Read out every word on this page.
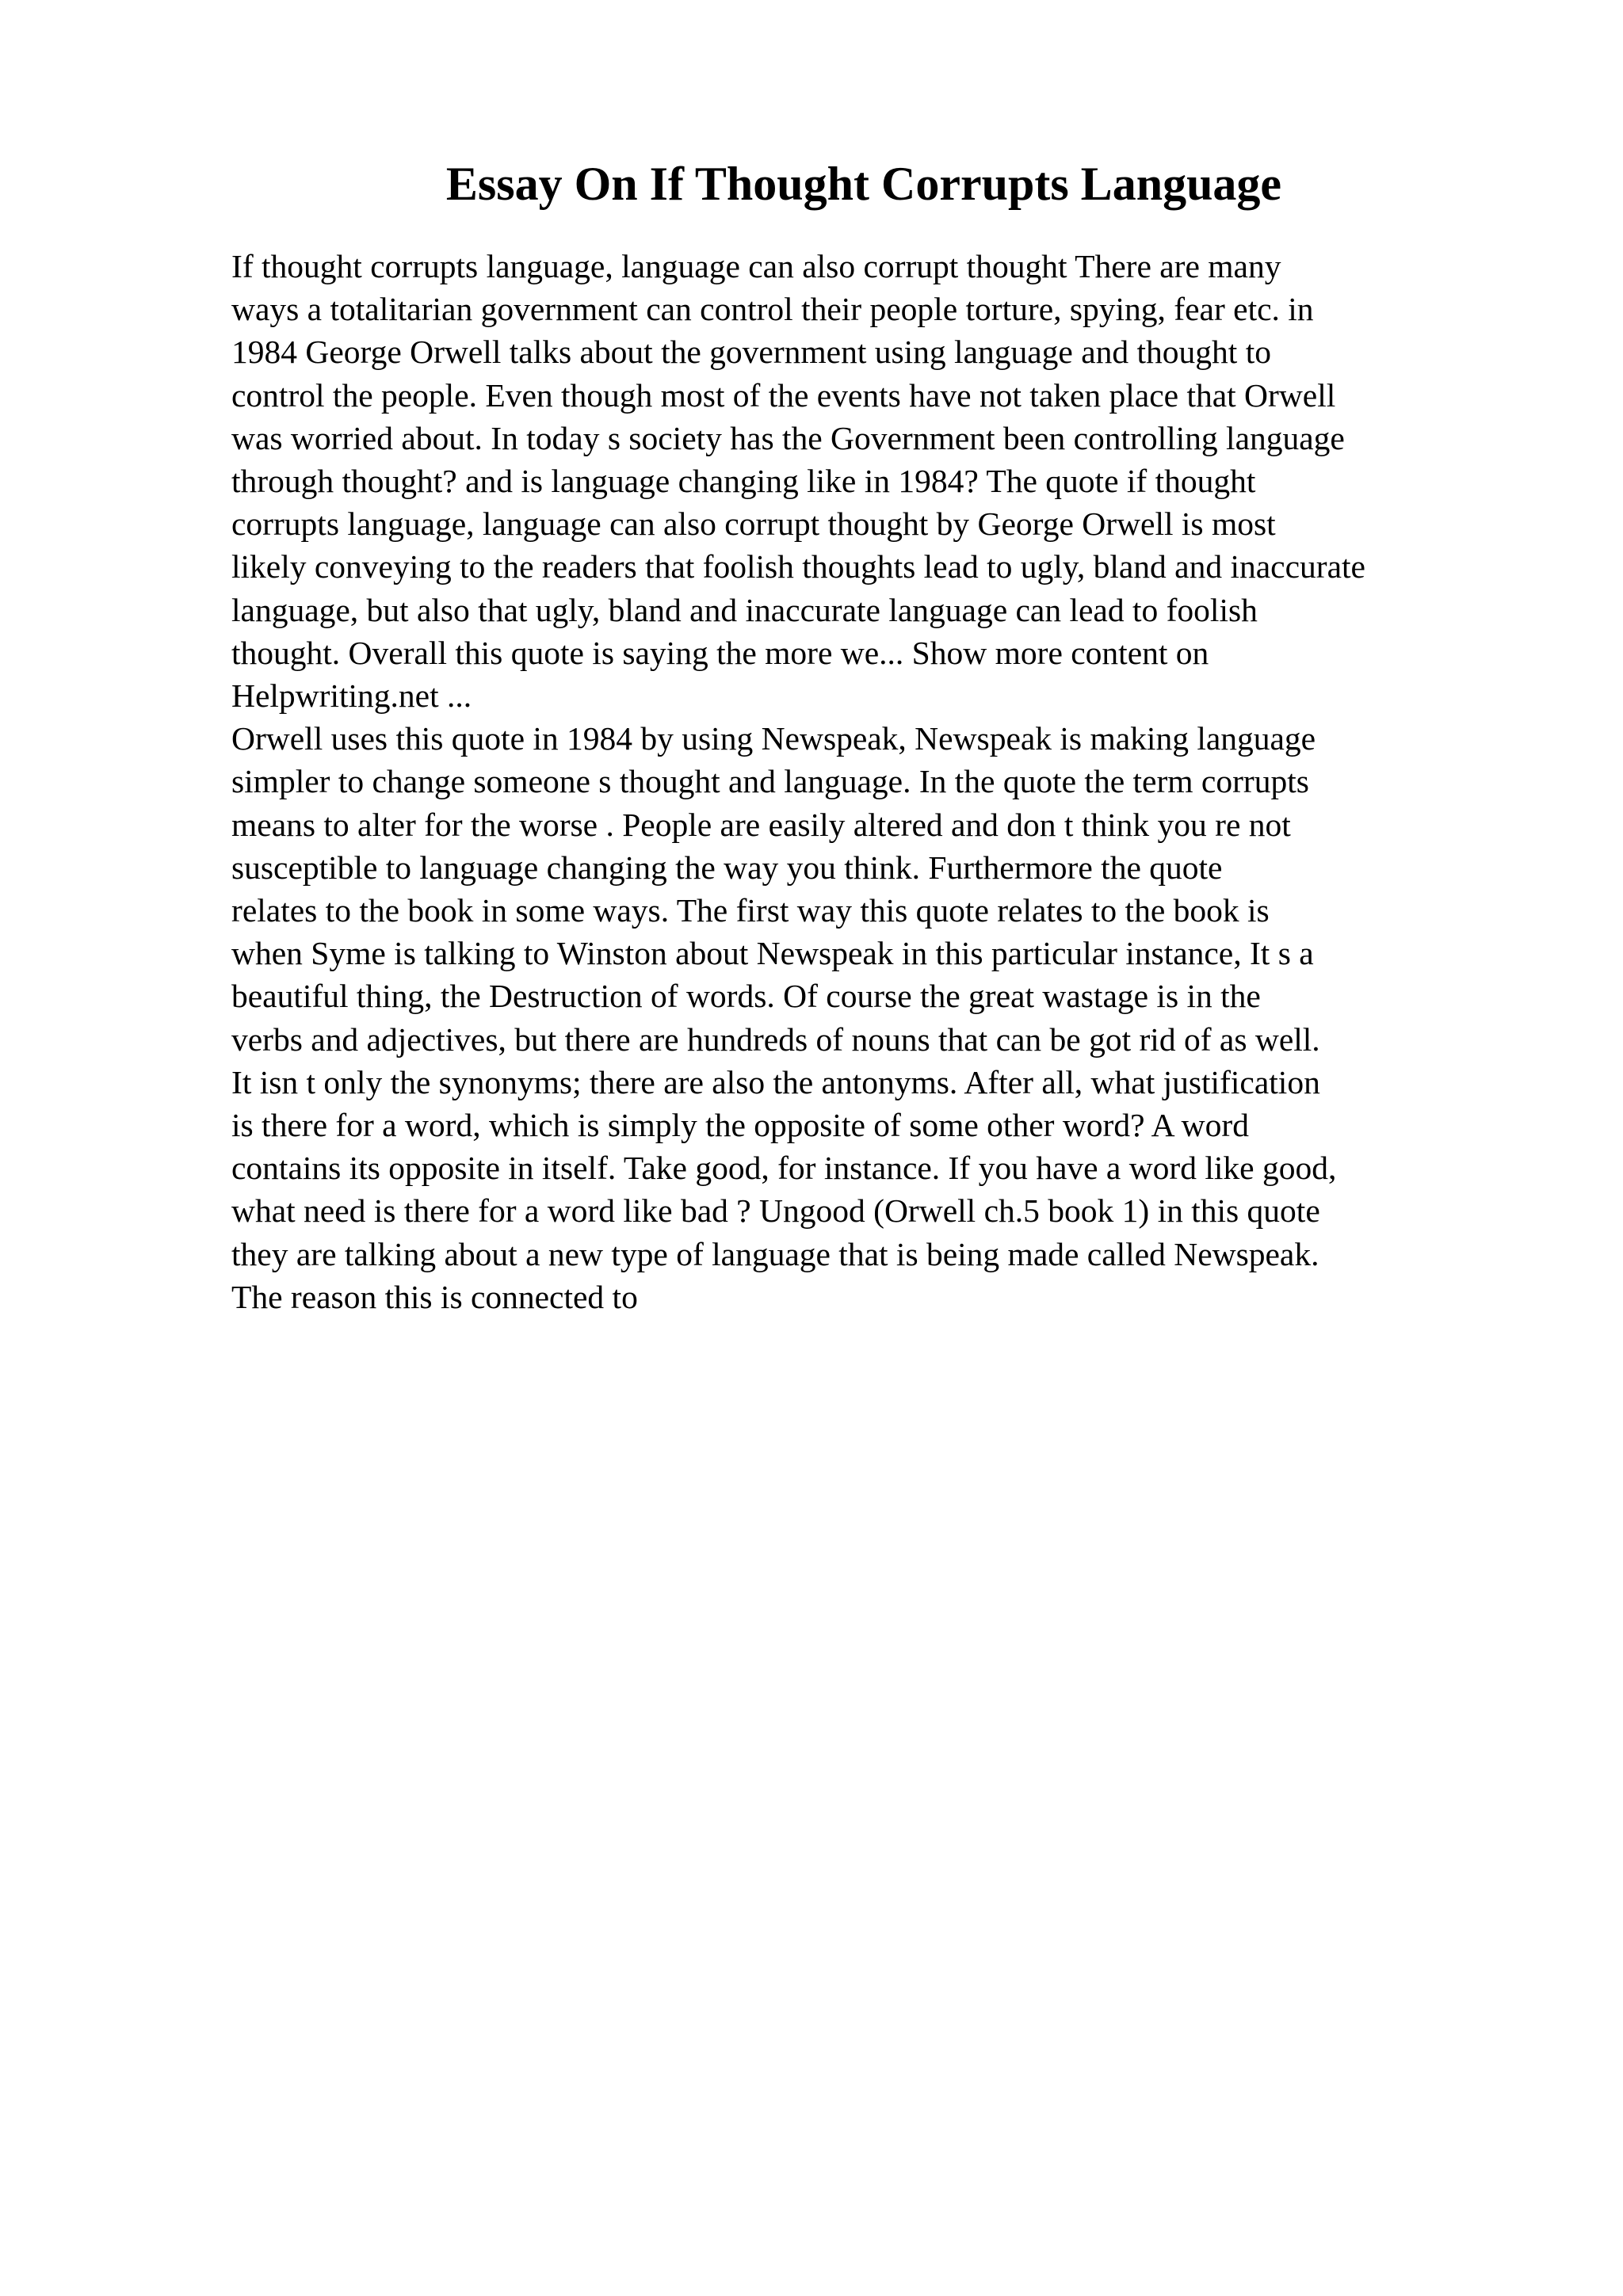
Essay On If Thought Corrupts Language
If thought corrupts language, language can also corrupt thought There are many
ways a totalitarian government can control their people torture, spying, fear etc. in
1984 George Orwell talks about the government using language and thought to
control the people. Even though most of the events have not taken place that Orwell
was worried about. In today s society has the Government been controlling language
through thought? and is language changing like in 1984? The quote if thought
corrupts language, language can also corrupt thought by George Orwell is most
likely conveying to the readers that foolish thoughts lead to ugly, bland and inaccurate
language, but also that ugly, bland and inaccurate language can lead to foolish
thought. Overall this quote is saying the more we... Show more content on
Helpwriting.net ...
Orwell uses this quote in 1984 by using Newspeak, Newspeak is making language
simpler to change someone s thought and language. In the quote the term corrupts
means to alter for the worse . People are easily altered and don t think you re not
susceptible to language changing the way you think. Furthermore the quote
relates to the book in some ways. The first way this quote relates to the book is
when Syme is talking to Winston about Newspeak in this particular instance, It s a
beautiful thing, the Destruction of words. Of course the great wastage is in the
verbs and adjectives, but there are hundreds of nouns that can be got rid of as well.
It isn t only the synonyms; there are also the antonyms. After all, what justification
is there for a word, which is simply the opposite of some other word? A word
contains its opposite in itself. Take good, for instance. If you have a word like good,
what need is there for a word like bad ? Ungood (Orwell ch.5 book 1) in this quote
they are talking about a new type of language that is being made called Newspeak.
The reason this is connected to
